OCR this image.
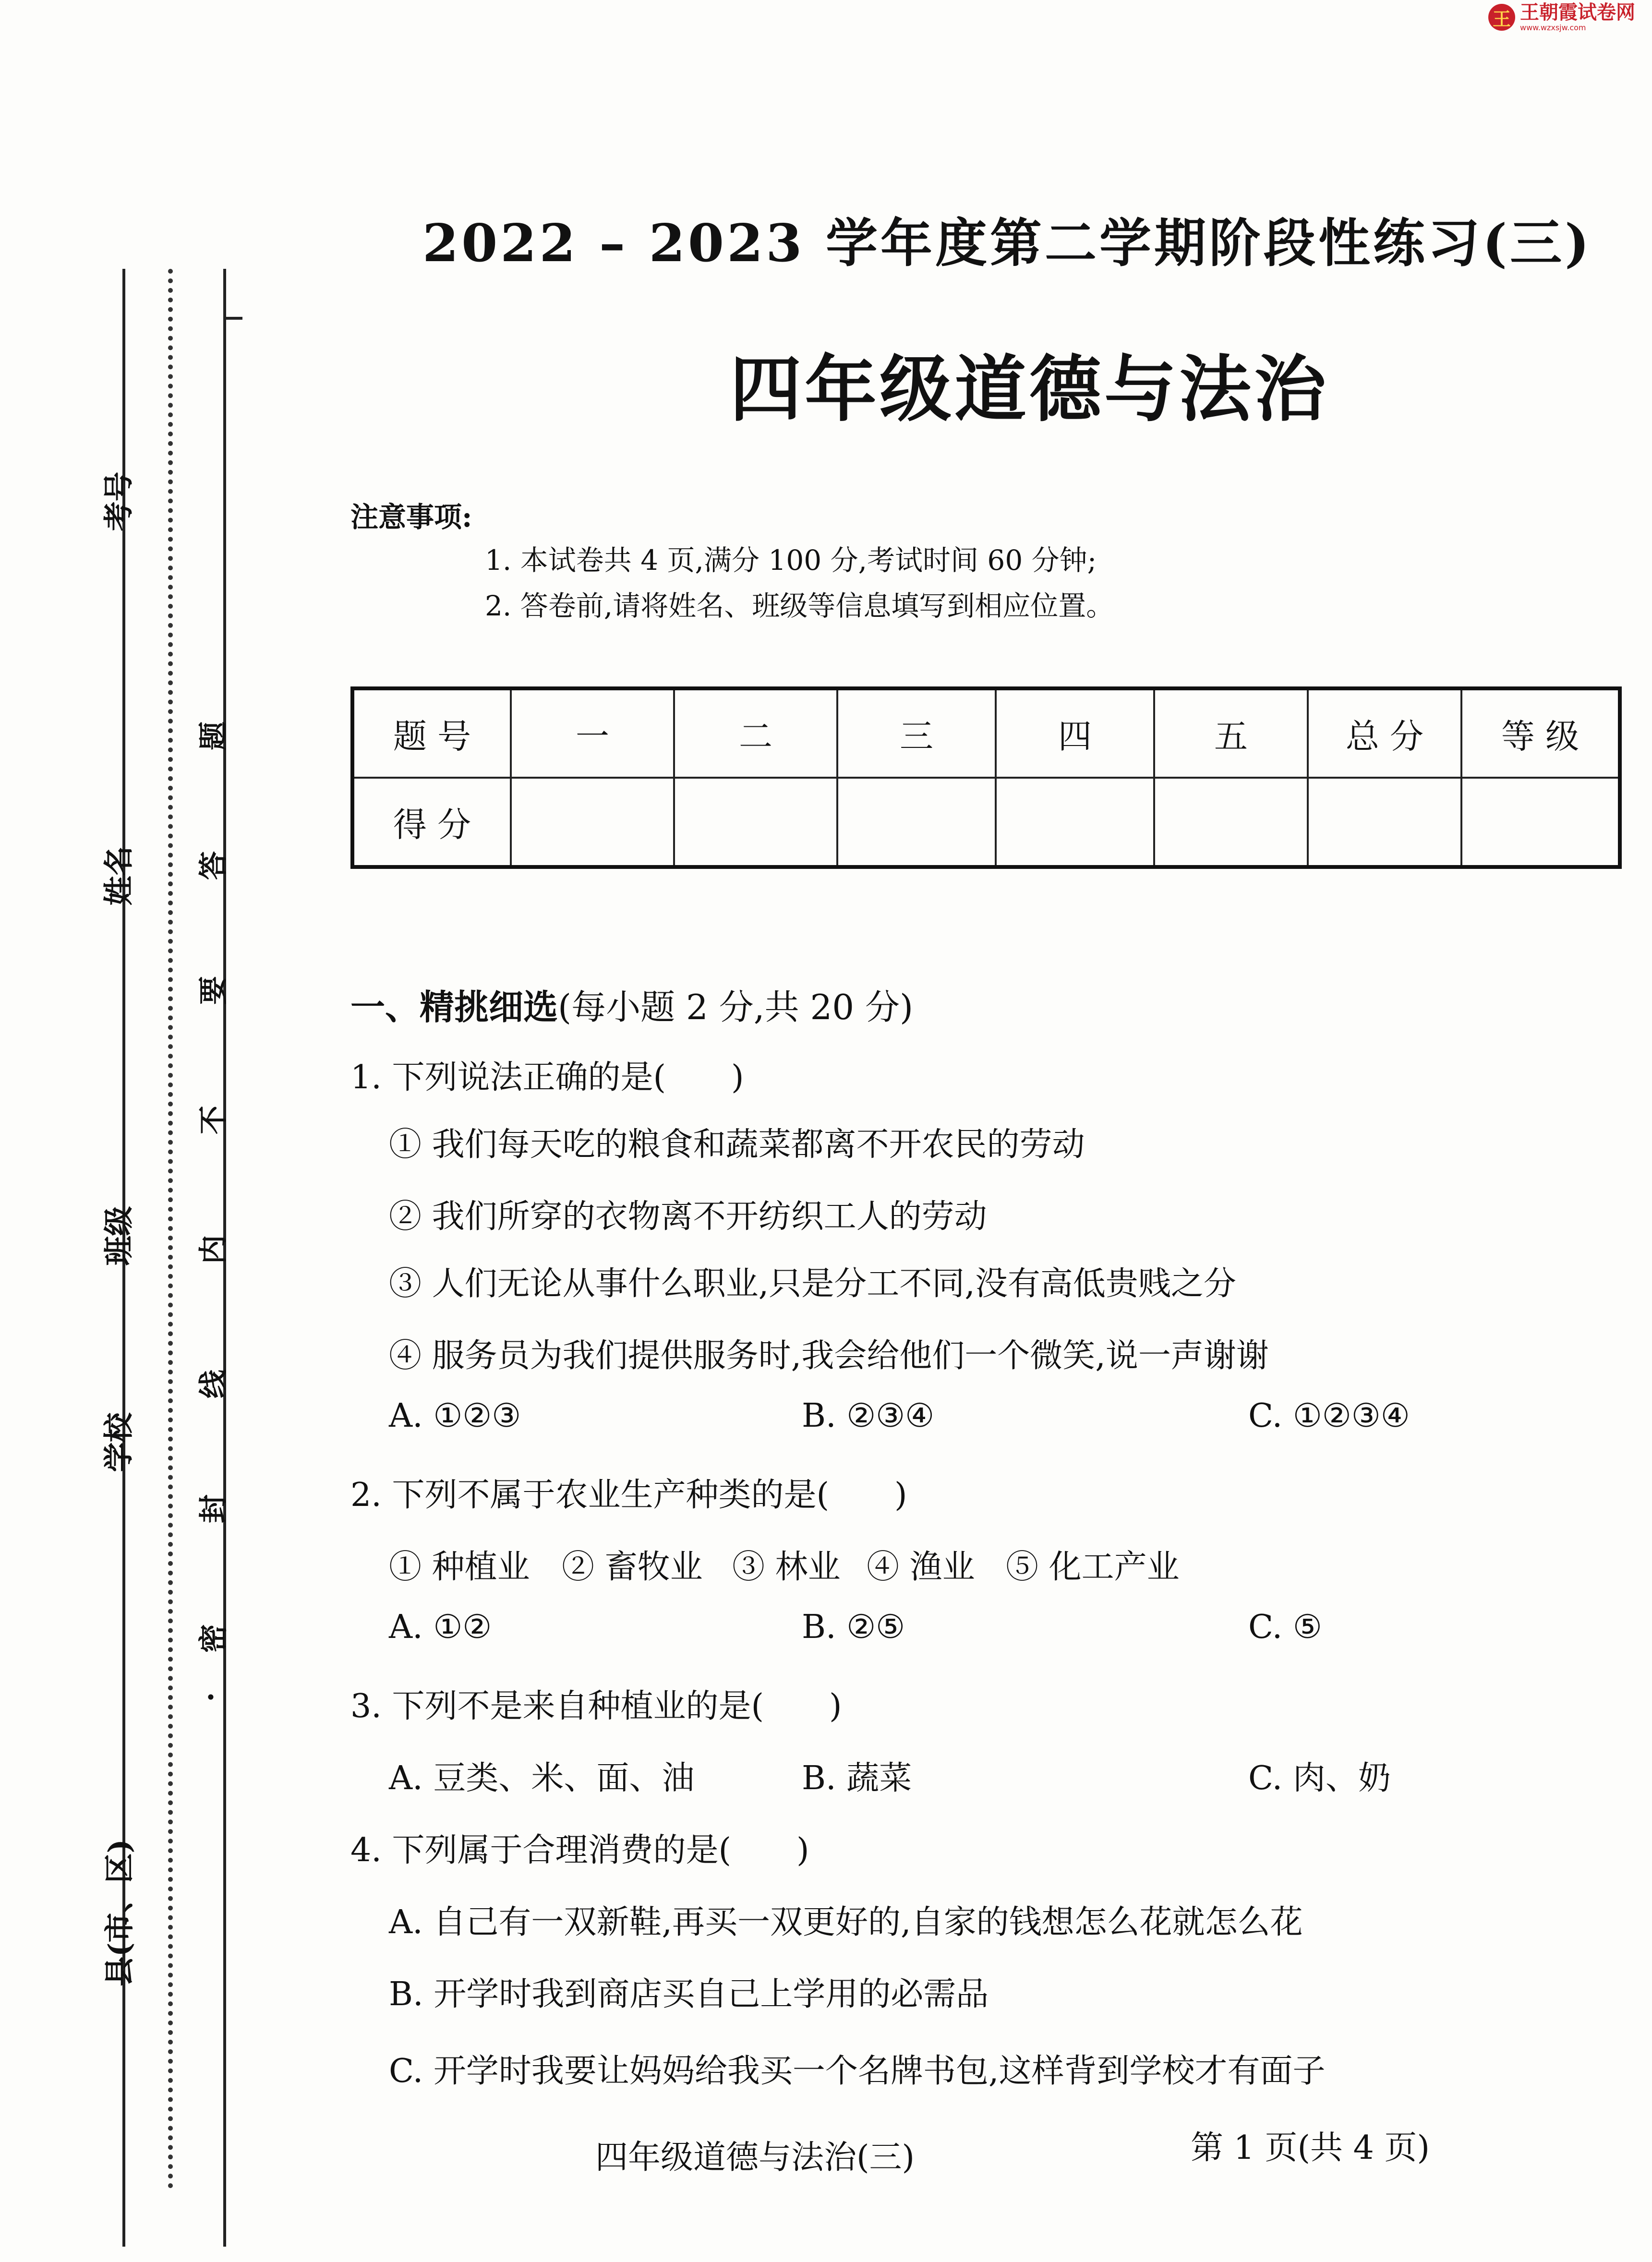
王 王朝霞试卷网
www.wzxsjw.com
考号
姓名
班级
学校
县(市、区)
题
答
要
不
内
线
封
密
·
2022 – 2023 学年度第二学期阶段性练习(三)
四年级道德与法治
注意事项:
1. 本试卷共 4 页,满分 100 分,考试时间 60 分钟;
2. 答卷前,请将姓名、班级等信息填写到相应位置。
题 号	一	二	三	四	五	总 分	等 级
得 分							
一、精挑细选(每小题 2 分,共 20 分)
1. 下列说法正确的是(　　)
① 我们每天吃的粮食和蔬菜都离不开农民的劳动
② 我们所穿的衣物离不开纺织工人的劳动
③ 人们无论从事什么职业,只是分工不同,没有高低贵贱之分
④ 服务员为我们提供服务时,我会给他们一个微笑,说一声谢谢
A. ①②③	B. ②③④	C. ①②③④
2. 下列不属于农业生产种类的是(　　)
① 种植业 ② 畜牧业 ③ 林业 ④ 渔业 ⑤ 化工产业
A. ①②	B. ②⑤	C. ⑤
3. 下列不是来自种植业的是(　　)
A. 豆类、米、面、油	B. 蔬菜	C. 肉、奶
4. 下列属于合理消费的是(　　)
A. 自己有一双新鞋,再买一双更好的,自家的钱想怎么花就怎么花
B. 开学时我到商店买自己上学用的必需品
C. 开学时我要让妈妈给我买一个名牌书包,这样背到学校才有面子
四年级道德与法治(三)	第 1 页(共 4 页)
